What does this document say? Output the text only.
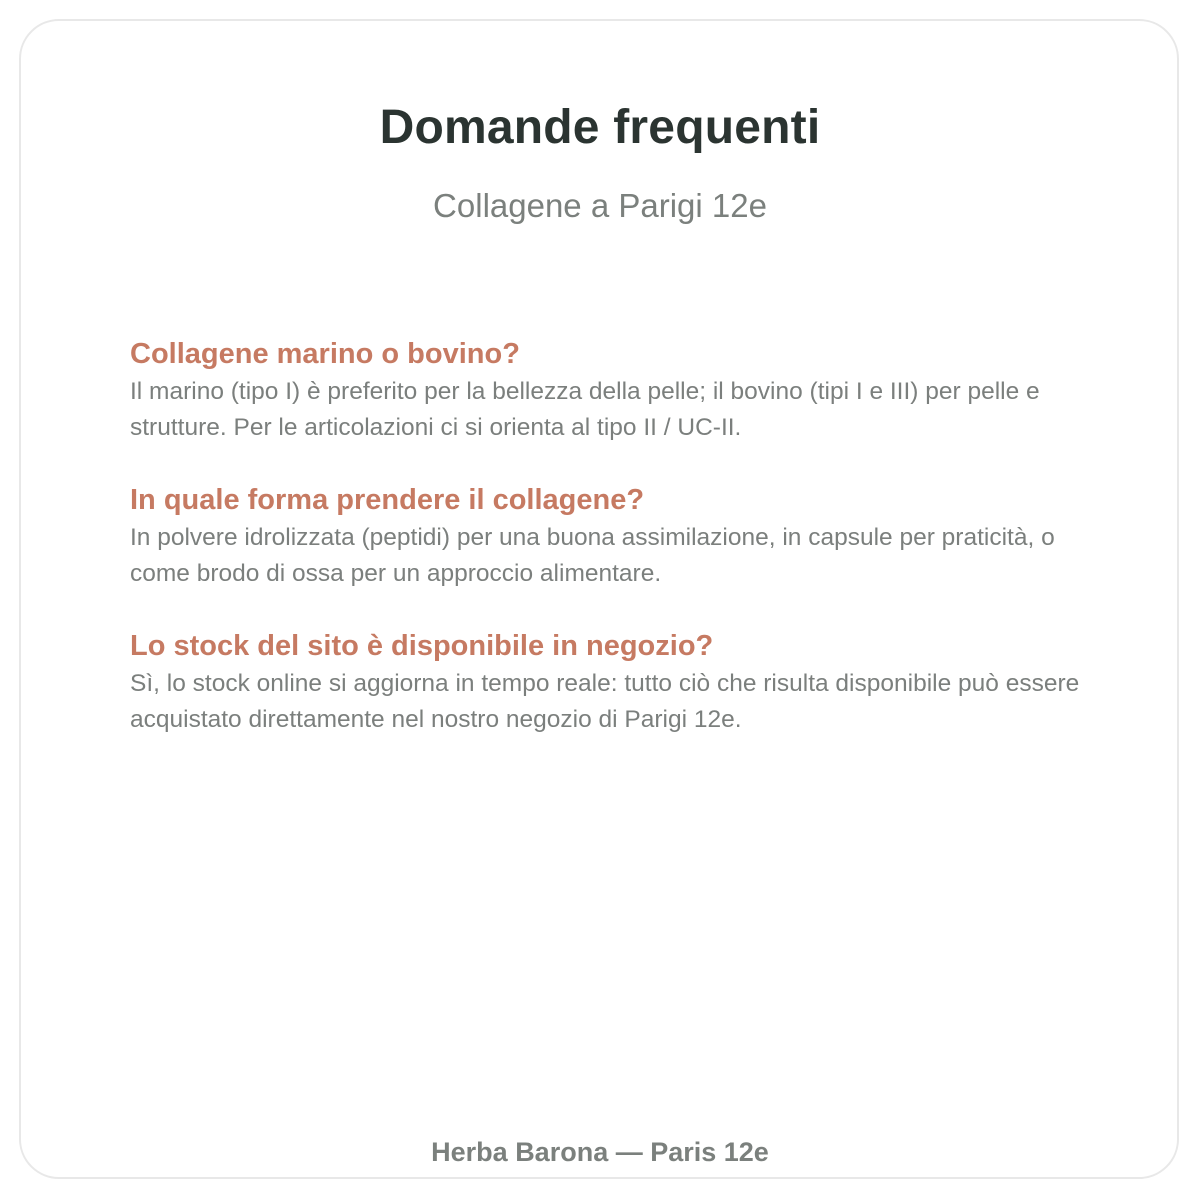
Domande frequenti
Collagene a Parigi 12e
Collagene marino o bovino?
Il marino (tipo I) è preferito per la bellezza della pelle; il bovino (tipi I e III) per pelle e strutture. Per le articolazioni ci si orienta al tipo II / UC-II.
In quale forma prendere il collagene?
In polvere idrolizzata (peptidi) per una buona assimilazione, in capsule per praticità, o come brodo di ossa per un approccio alimentare.
Lo stock del sito è disponibile in negozio?
Sì, lo stock online si aggiorna in tempo reale: tutto ciò che risulta disponibile può essere acquistato direttamente nel nostro negozio di Parigi 12e.
Herba Barona — Paris 12e
